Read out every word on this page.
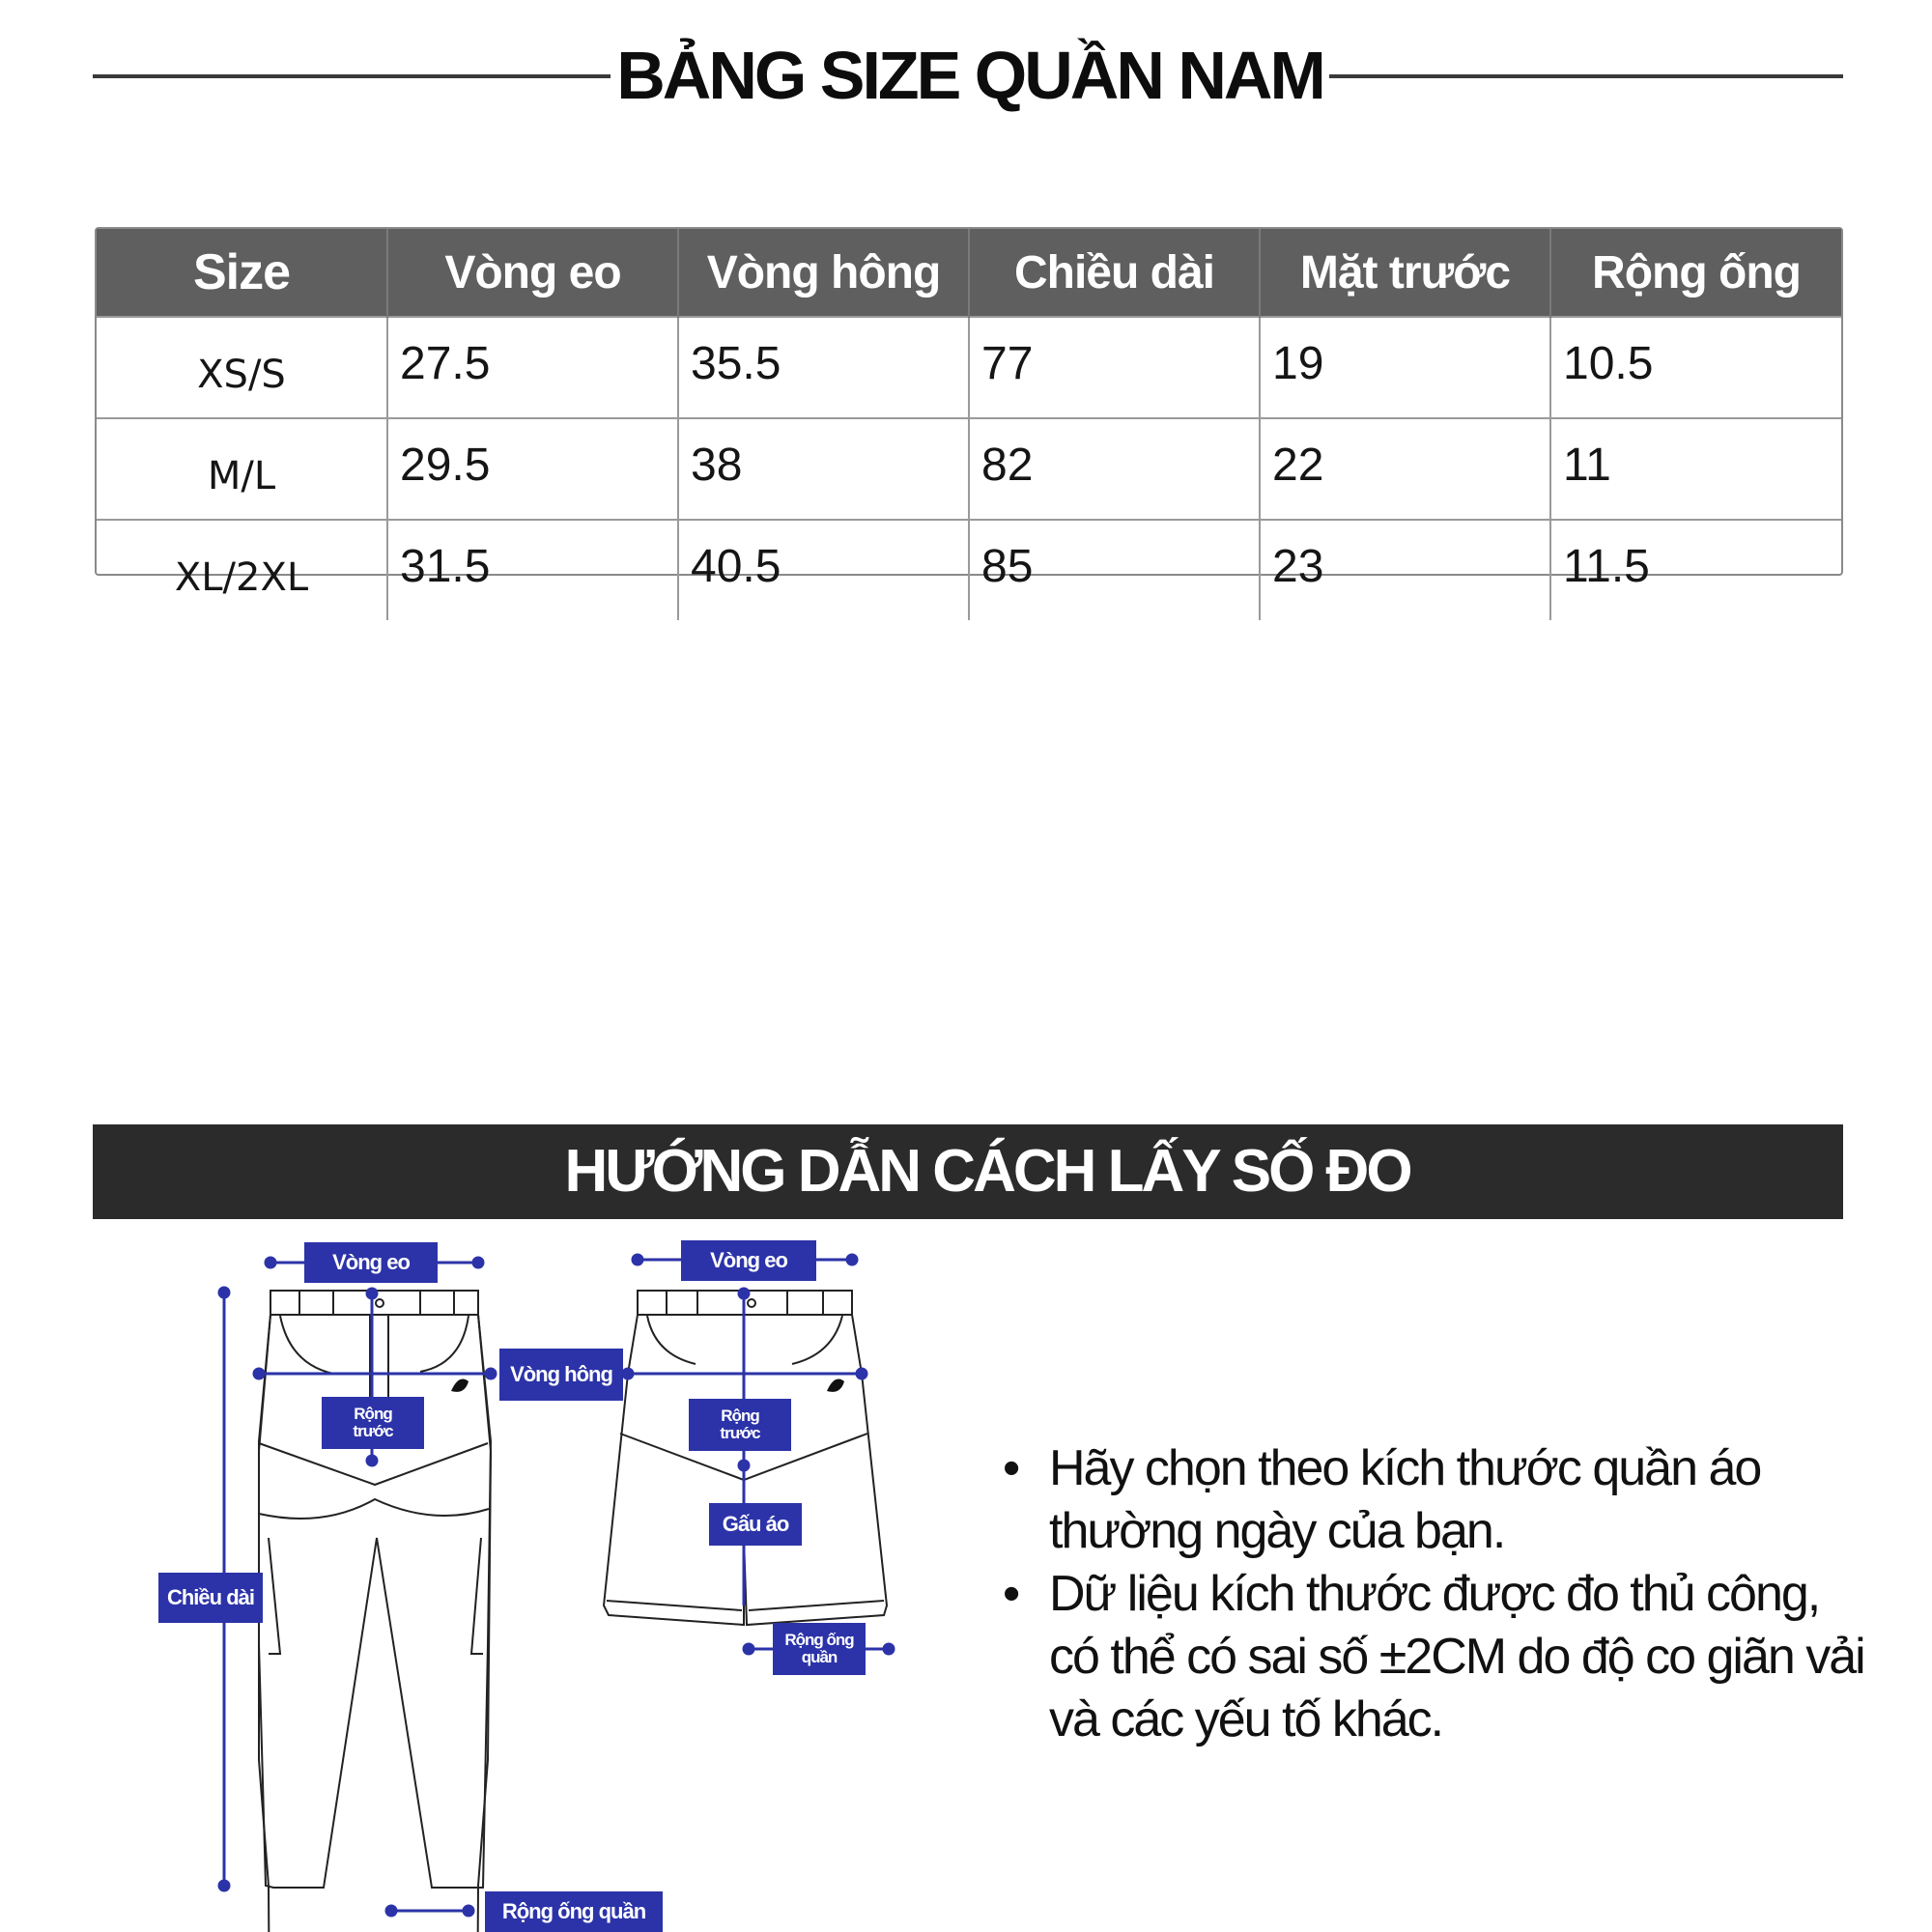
BẢNG SIZE QUẦN NAM
Size	Vòng eo	Vòng hông	Chiều dài	Mặt trước	Rộng ống
XS/S	27.5	35.5	77	19	10.5
M/L	29.5	38	82	22	11
XL/2XL	31.5	40.5	85	23	11.5
HƯỚNG DẪN CÁCH LẤY SỐ ĐO
Vòng eo
Vòng hông
Rộng trước
Chiều dài
Rộng ống quần
Vòng eo
Rộng trước
Gấu áo
Rộng ống quần
• Hãy chọn theo kích thước quần áo thường ngày của bạn.
• Dữ liệu kích thước được đo thủ công, có thể có sai số ±2CM do độ co giãn vải và các yếu tố khác.
